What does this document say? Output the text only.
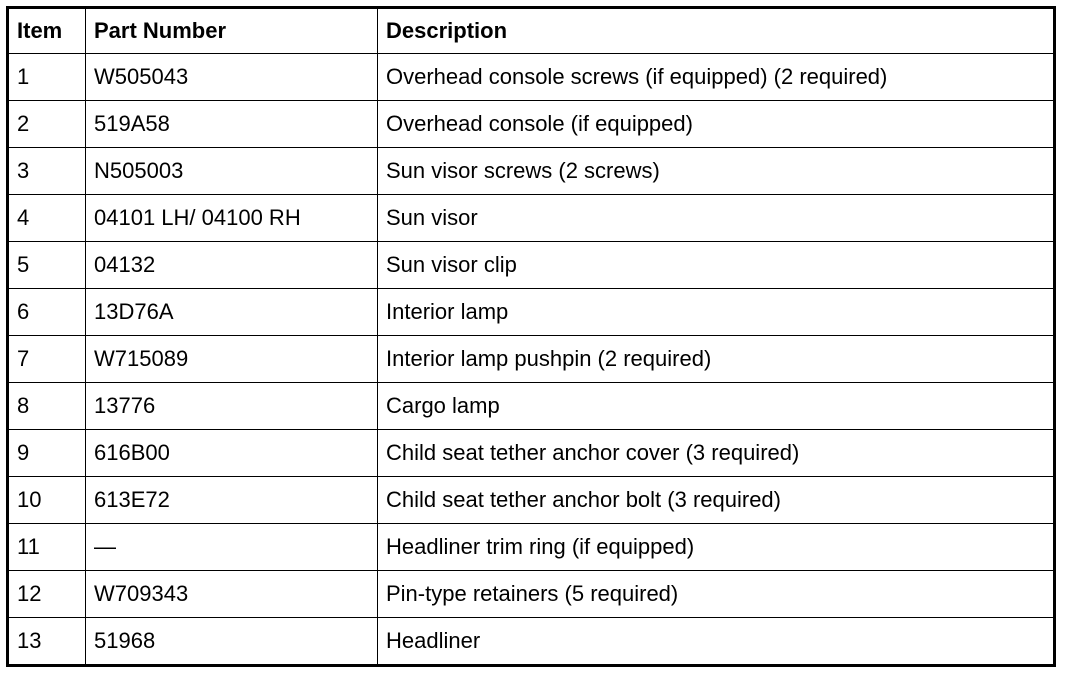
Item	Part Number	Description
1	W505043	Overhead console screws (if equipped) (2 required)
2	519A58	Overhead console (if equipped)
3	N505003	Sun visor screws (2 screws)
4	04101 LH/ 04100 RH	Sun visor
5	04132	Sun visor clip
6	13D76A	Interior lamp
7	W715089	Interior lamp pushpin (2 required)
8	13776	Cargo lamp
9	616B00	Child seat tether anchor cover (3 required)
10	613E72	Child seat tether anchor bolt (3 required)
11	—	Headliner trim ring (if equipped)
12	W709343	Pin-type retainers (5 required)
13	51968	Headliner
